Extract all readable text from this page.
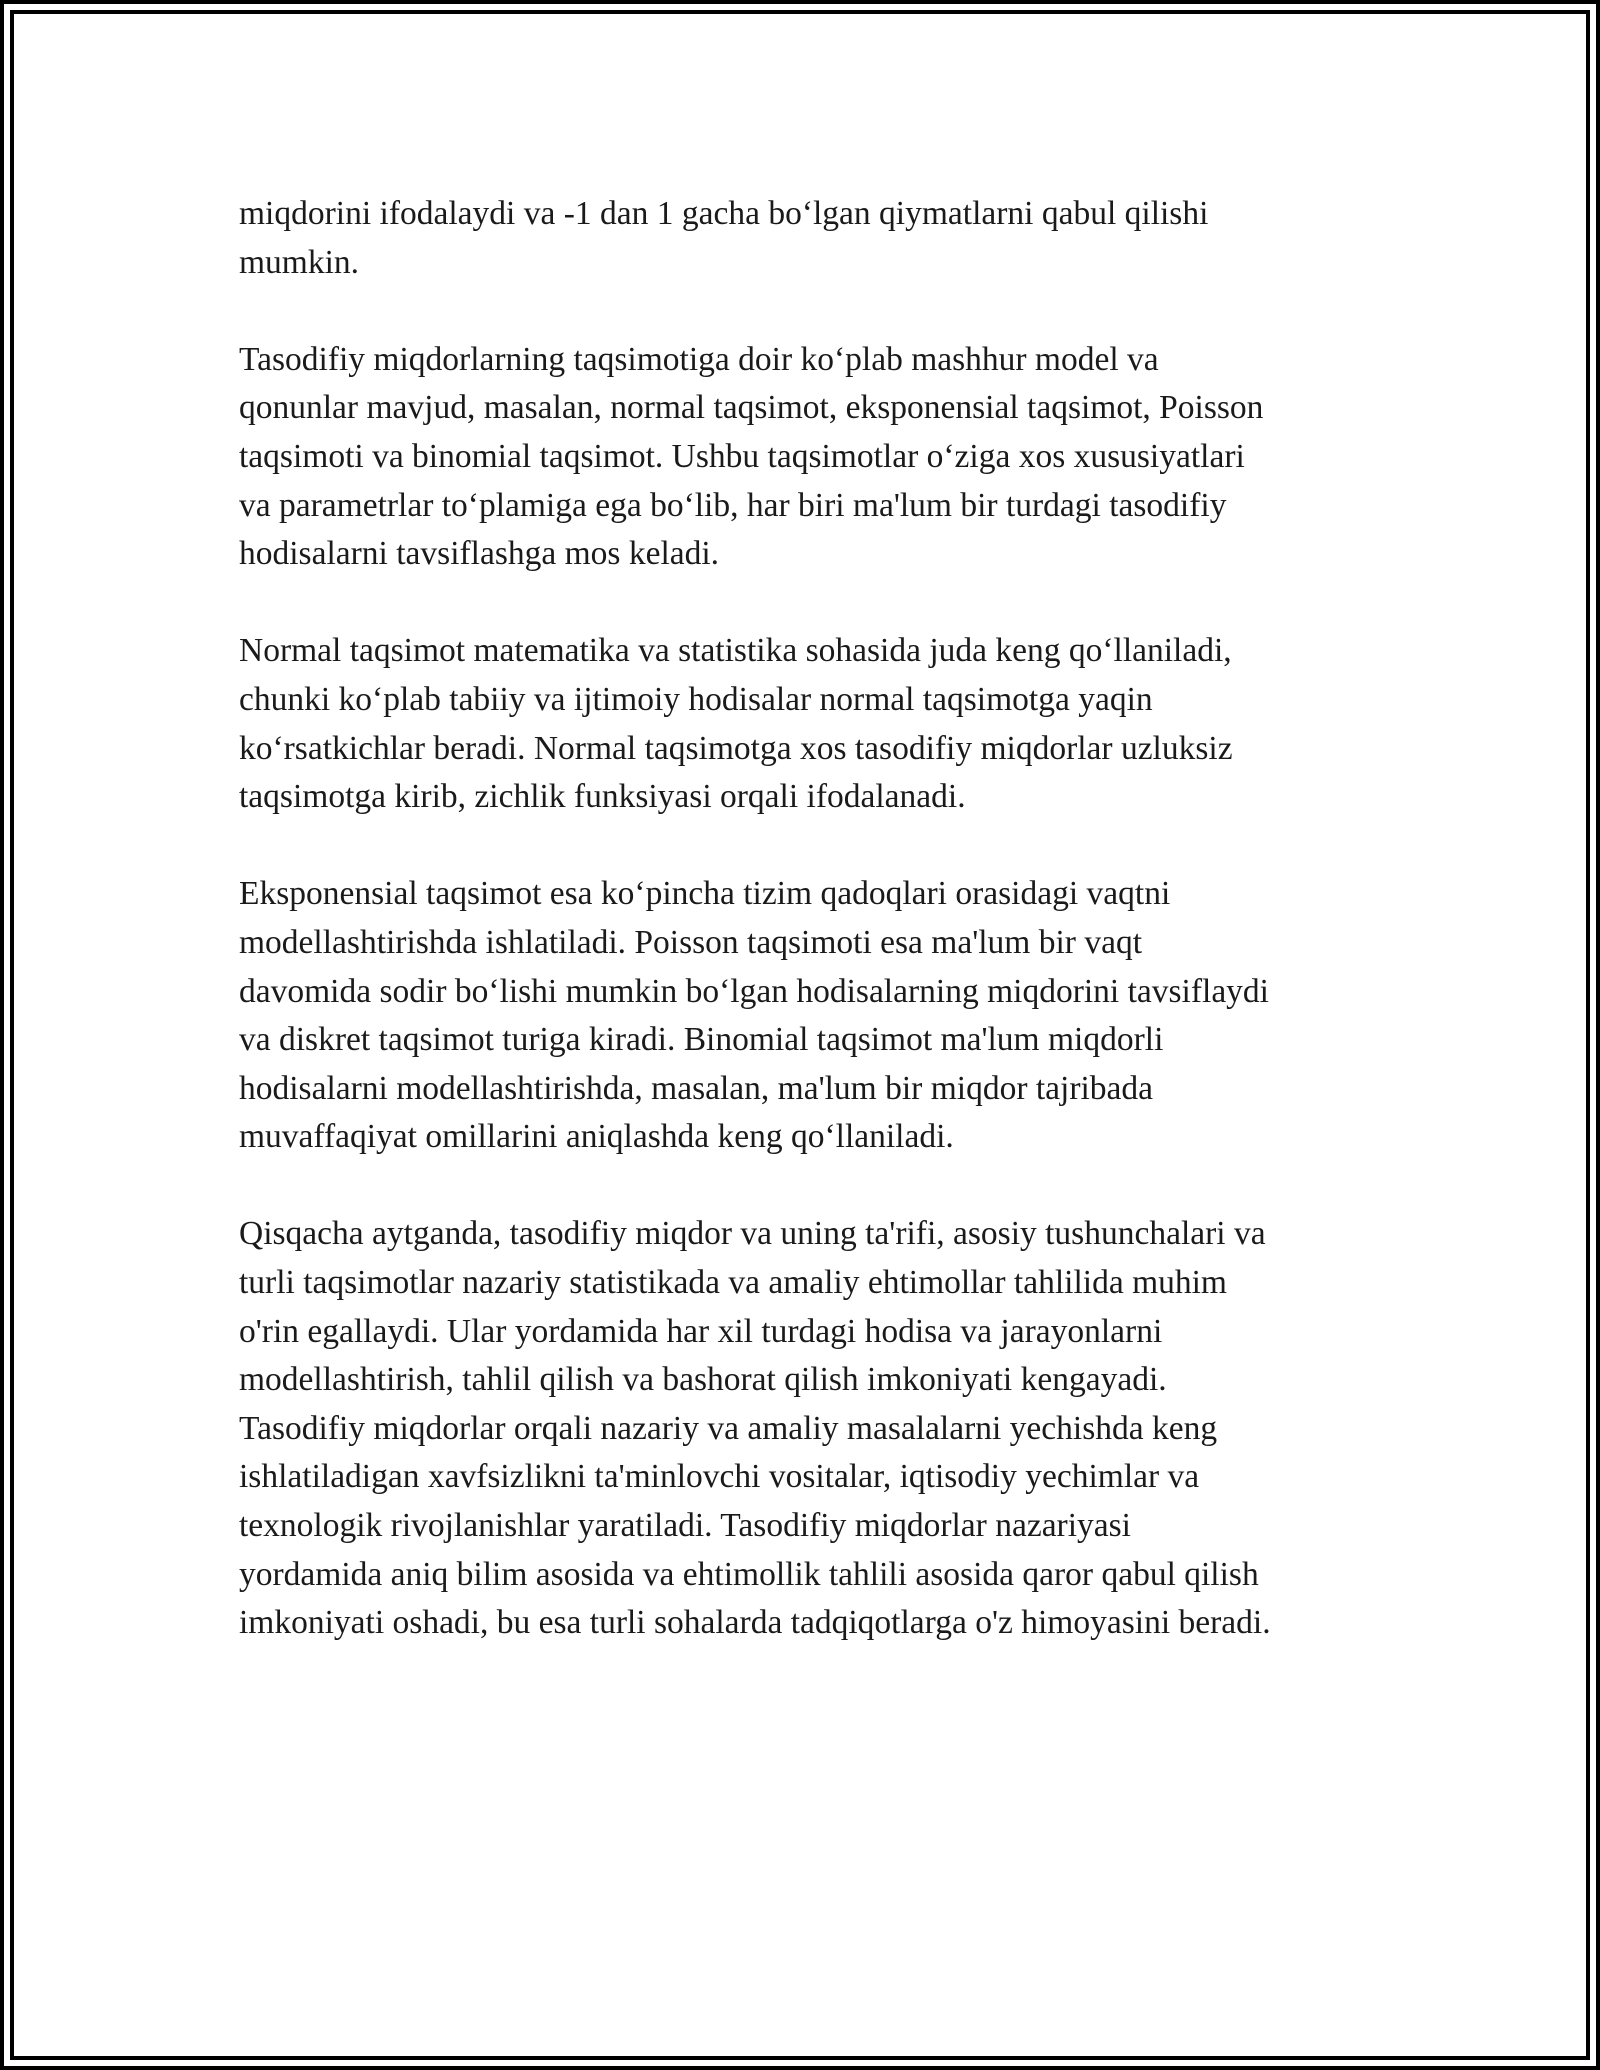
miqdorini ifodalaydi va -1 dan 1 gacha bo‘lgan qiymatlarni qabul qilishi
mumkin.

Tasodifiy miqdorlarning taqsimotiga doir ko‘plab mashhur model va
qonunlar mavjud, masalan, normal taqsimot, eksponensial taqsimot, Poisson
taqsimoti va binomial taqsimot. Ushbu taqsimotlar o‘ziga xos xususiyatlari
va parametrlar to‘plamiga ega bo‘lib, har biri ma'lum bir turdagi tasodifiy
hodisalarni tavsiflashga mos keladi.

Normal taqsimot matematika va statistika sohasida juda keng qo‘llaniladi,
chunki ko‘plab tabiiy va ijtimoiy hodisalar normal taqsimotga yaqin
ko‘rsatkichlar beradi. Normal taqsimotga xos tasodifiy miqdorlar uzluksiz
taqsimotga kirib, zichlik funksiyasi orqali ifodalanadi.

Eksponensial taqsimot esa ko‘pincha tizim qadoqlari orasidagi vaqtni
modellashtirishda ishlatiladi. Poisson taqsimoti esa ma'lum bir vaqt
davomida sodir bo‘lishi mumkin bo‘lgan hodisalarning miqdorini tavsiflaydi
va diskret taqsimot turiga kiradi. Binomial taqsimot ma'lum miqdorli
hodisalarni modellashtirishda, masalan, ma'lum bir miqdor tajribada
muvaffaqiyat omillarini aniqlashda keng qo‘llaniladi.

Qisqacha aytganda, tasodifiy miqdor va uning ta'rifi, asosiy tushunchalari va
turli taqsimotlar nazariy statistikada va amaliy ehtimollar tahlilida muhim
o'rin egallaydi. Ular yordamida har xil turdagi hodisa va jarayonlarni
modellashtirish, tahlil qilish va bashorat qilish imkoniyati kengayadi.
Tasodifiy miqdorlar orqali nazariy va amaliy masalalarni yechishda keng
ishlatiladigan xavfsizlikni ta'minlovchi vositalar, iqtisodiy yechimlar va
texnologik rivojlanishlar yaratiladi. Tasodifiy miqdorlar nazariyasi
yordamida aniq bilim asosida va ehtimollik tahlili asosida qaror qabul qilish
imkoniyati oshadi, bu esa turli sohalarda tadqiqotlarga o'z himoyasini beradi.
